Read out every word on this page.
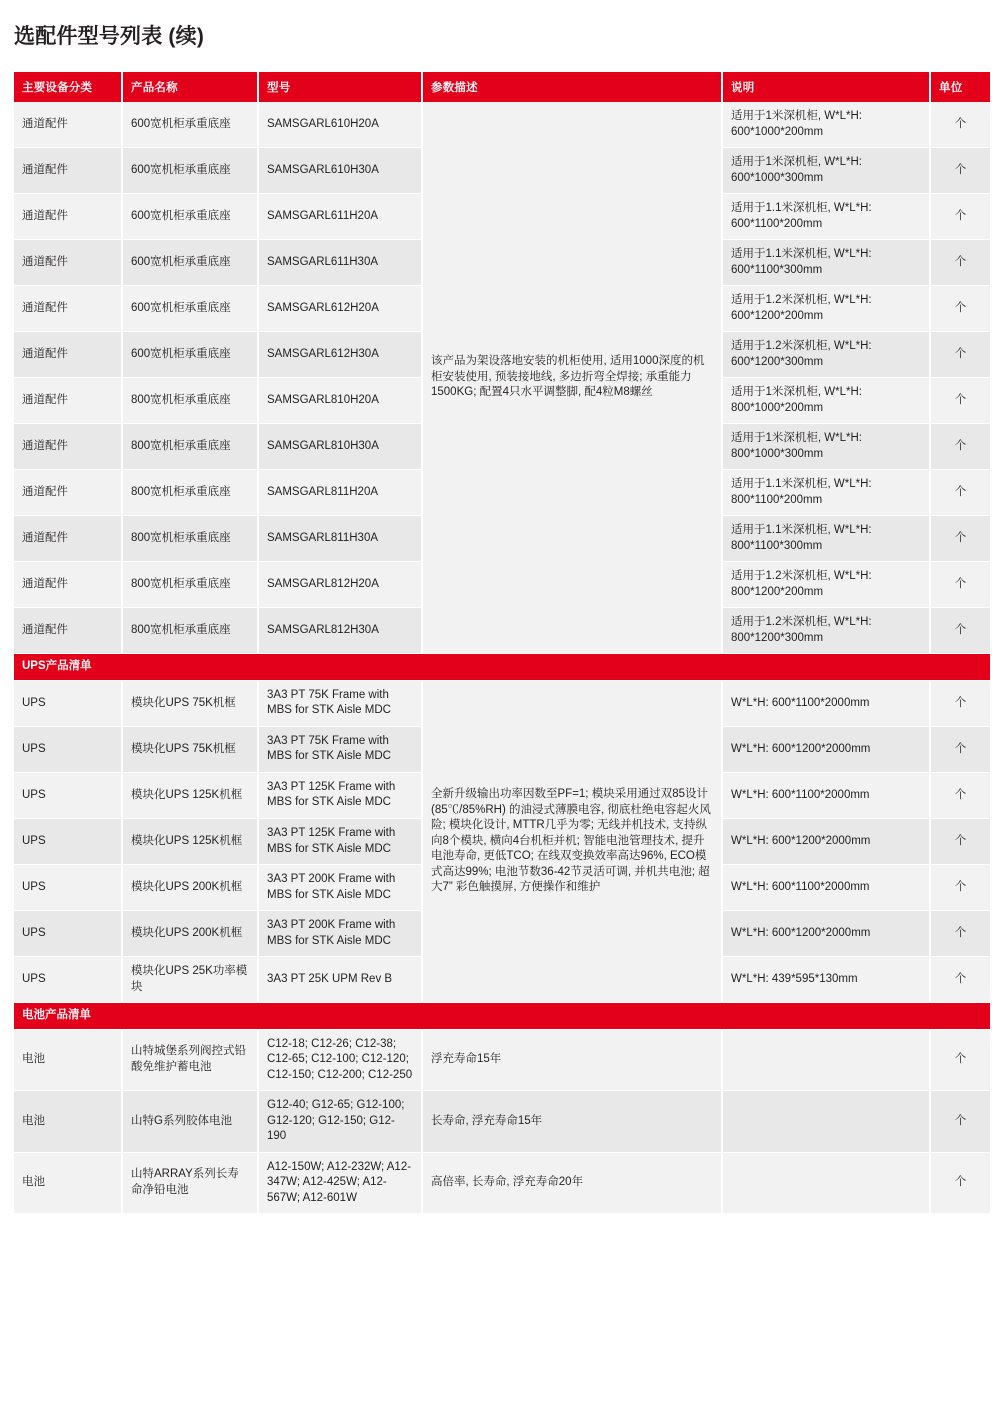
选配件型号列表 (续)
主要设备分类	产品名称	型号	参数描述	说明	单位
通道配件	600宽机柜承重底座	SAMSGARL610H20A	该产品为架设落地安装的机柜使用, 适用1000深度的机柜安装使用, 预装接地线, 多边折弯全焊接; 承重能力1500KG; 配置4只水平调整脚, 配4粒M8螺丝	适用于1米深机柜, W*L*H: 600*1000*200mm	个
通道配件	600宽机柜承重底座	SAMSGARL610H30A		适用于1米深机柜, W*L*H: 600*1000*300mm	个
通道配件	600宽机柜承重底座	SAMSGARL611H20A		适用于1.1米深机柜, W*L*H: 600*1100*200mm	个
通道配件	600宽机柜承重底座	SAMSGARL611H30A		适用于1.1米深机柜, W*L*H: 600*1100*300mm	个
通道配件	600宽机柜承重底座	SAMSGARL612H20A		适用于1.2米深机柜, W*L*H: 600*1200*200mm	个
通道配件	600宽机柜承重底座	SAMSGARL612H30A		适用于1.2米深机柜, W*L*H: 600*1200*300mm	个
通道配件	800宽机柜承重底座	SAMSGARL810H20A		适用于1米深机柜, W*L*H: 800*1000*200mm	个
通道配件	800宽机柜承重底座	SAMSGARL810H30A		适用于1米深机柜, W*L*H: 800*1000*300mm	个
通道配件	800宽机柜承重底座	SAMSGARL811H20A		适用于1.1米深机柜, W*L*H: 800*1100*200mm	个
通道配件	800宽机柜承重底座	SAMSGARL811H30A		适用于1.1米深机柜, W*L*H: 800*1100*300mm	个
通道配件	800宽机柜承重底座	SAMSGARL812H20A		适用于1.2米深机柜, W*L*H: 800*1200*200mm	个
通道配件	800宽机柜承重底座	SAMSGARL812H30A		适用于1.2米深机柜, W*L*H: 800*1200*300mm	个
UPS产品清单					
UPS	模块化UPS 75K机框	3A3 PT 75K Frame with MBS for STK Aisle MDC	全新升级输出功率因数至PF=1; 模块采用通过双85设计 (85℃/85%RH) 的油浸式薄膜电容, 彻底杜绝电容起火风险; 模块化设计, MTTR几乎为零; 无线并机技术, 支持纵向8个模块, 横向4台机柜并机; 智能电池管理技术, 提升电池寿命, 更低TCO; 在线双变换效率高达96%, ECO模式高达99%; 电池节数36-42节灵活可调, 并机共电池; 超大7” 彩色触摸屏, 方便操作和维护	W*L*H: 600*1100*2000mm	个
UPS	模块化UPS 75K机框	3A3 PT 75K Frame with MBS for STK Aisle MDC		W*L*H: 600*1200*2000mm	个
UPS	模块化UPS 125K机框	3A3 PT 125K Frame with MBS for STK Aisle MDC		W*L*H: 600*1100*2000mm	个
UPS	模块化UPS 125K机框	3A3 PT 125K Frame with MBS for STK Aisle MDC		W*L*H: 600*1200*2000mm	个
UPS	模块化UPS 200K机框	3A3 PT 200K Frame with MBS for STK Aisle MDC		W*L*H: 600*1100*2000mm	个
UPS	模块化UPS 200K机框	3A3 PT 200K Frame with MBS for STK Aisle MDC		W*L*H: 600*1200*2000mm	个
UPS	模块化UPS 25K功率模块	3A3 PT 25K UPM Rev B		W*L*H: 439*595*130mm	个
电池产品清单					
电池	山特城堡系列阀控式铅酸免维护蓄电池	C12-18; C12-26; C12-38; C12-65; C12-100; C12-120; C12-150; C12-200; C12-250	浮充寿命15年		个
电池	山特G系列胶体电池	G12-40; G12-65; G12-100; G12-120; G12-150; G12-190	长寿命, 浮充寿命15年		个
电池	山特ARRAY系列长寿命净铅电池	A12-150W; A12-232W; A12-347W; A12-425W; A12-567W; A12-601W	高倍率, 长寿命, 浮充寿命20年		个
